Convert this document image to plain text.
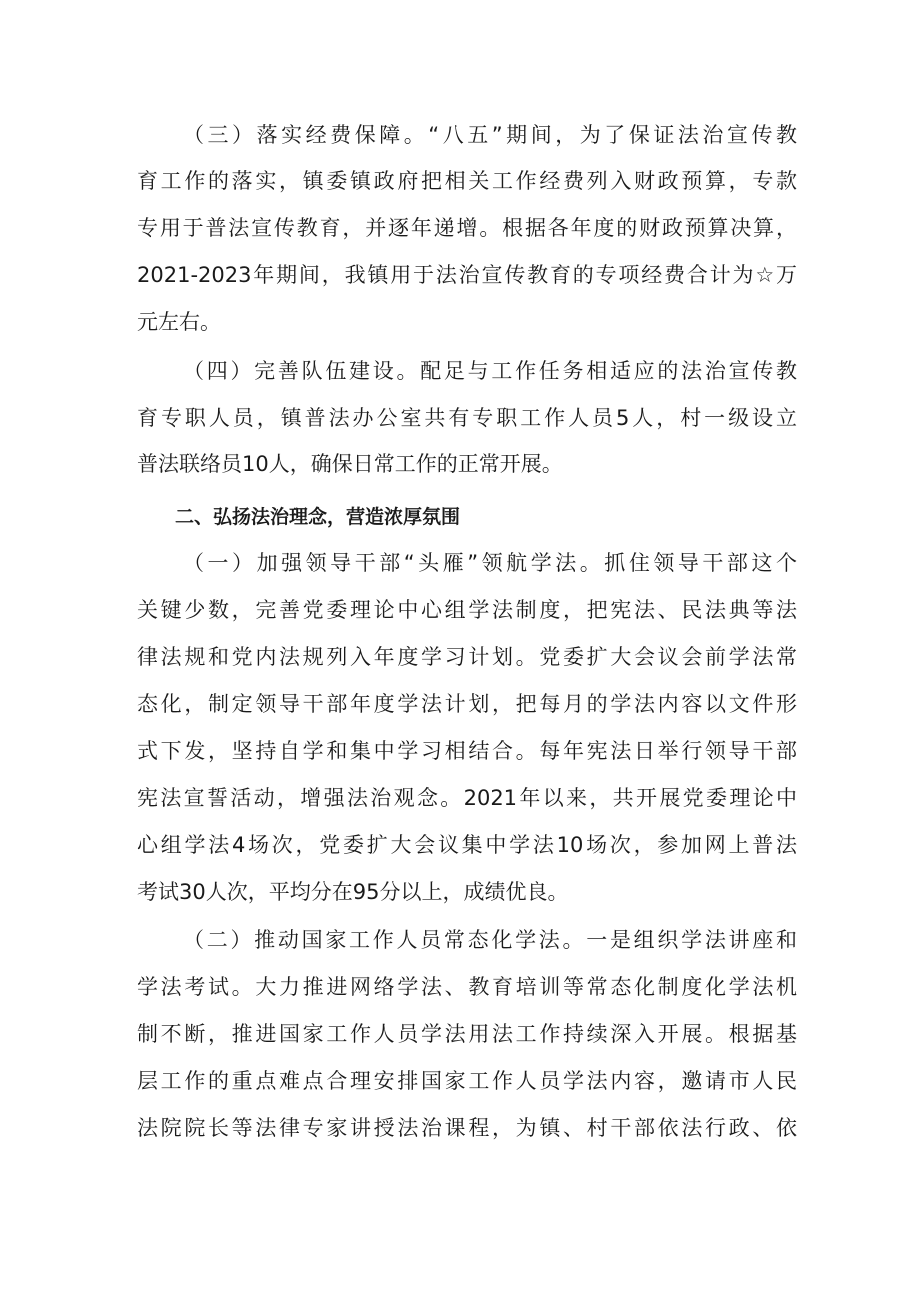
（三）落实经费保障。“八五”期间，为了保证法治宣传教
育工作的落实，镇委镇政府把相关工作经费列入财政预算，专款
专用于普法宣传教育，并逐年递增。根据各年度的财政预算决算，
2021-2023年期间，我镇用于法治宣传教育的专项经费合计为☆万
元左右。
（四）完善队伍建设。配足与工作任务相适应的法治宣传教
育专职人员，镇普法办公室共有专职工作人员5人，村一级设立
普法联络员10人，确保日常工作的正常开展。
二、弘扬法治理念，营造浓厚氛围
（一）加强领导干部“头雁”领航学法。抓住领导干部这个
关键少数，完善党委理论中心组学法制度，把宪法、民法典等法
律法规和党内法规列入年度学习计划。党委扩大会议会前学法常
态化，制定领导干部年度学法计划，把每月的学法内容以文件形
式下发，坚持自学和集中学习相结合。每年宪法日举行领导干部
宪法宣誓活动，增强法治观念。2021年以来，共开展党委理论中
心组学法4场次，党委扩大会议集中学法10场次，参加网上普法
考试30人次，平均分在95分以上，成绩优良。
（二）推动国家工作人员常态化学法。一是组织学法讲座和
学法考试。大力推进网络学法、教育培训等常态化制度化学法机
制不断，推进国家工作人员学法用法工作持续深入开展。根据基
层工作的重点难点合理安排国家工作人员学法内容，邀请市人民
法院院长等法律专家讲授法治课程，为镇、村干部依法行政、依
